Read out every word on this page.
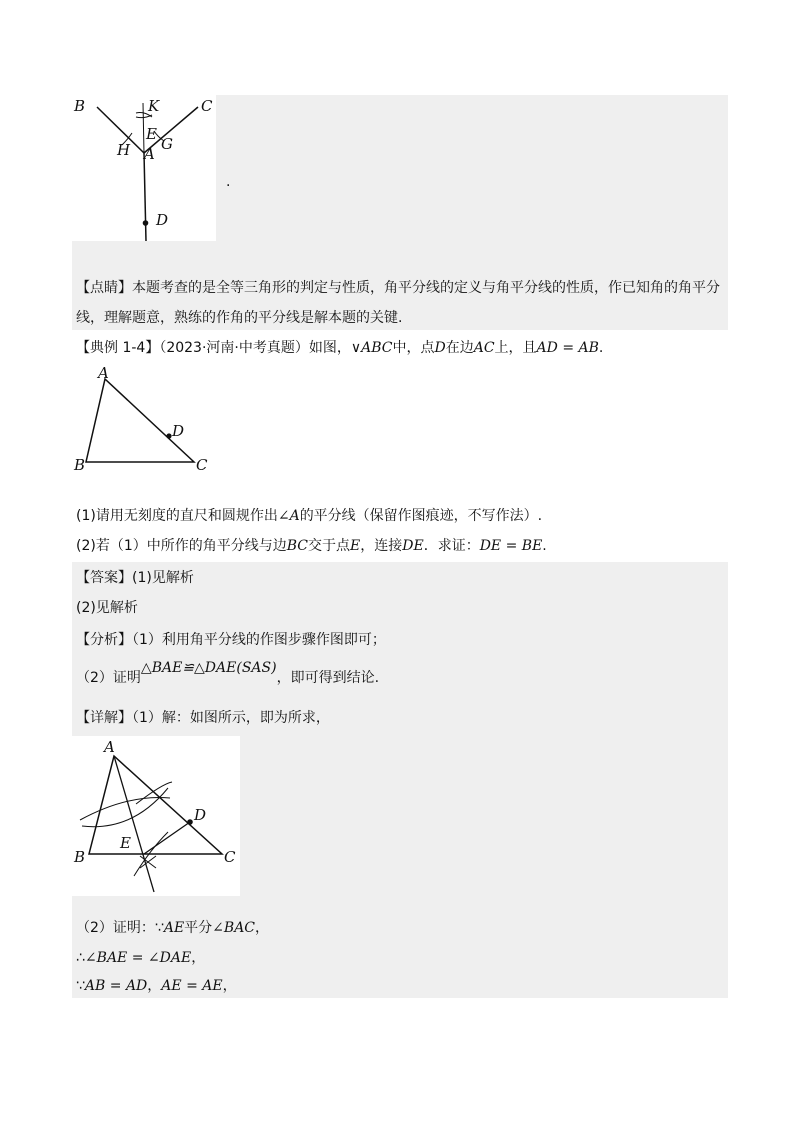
B	K	C
E
H G
A
D
.
【点睛】本题考查的是全等三角形的判定与性质，角平分线的定义与角平分线的性质，作已知角的角平分
线，理解题意，熟练的作角的平分线是解本题的关键.
【典例 1-4】（2023·河南·中考真题）如图，∨ABC中，点D在边AC上，且AD = AB.
A
D
B	C
(1)请用无刻度的直尺和圆规作出∠A的平分线（保留作图痕迹，不写作法）.
(2)若（1）中所作的角平分线与边BC交于点E，连接DE．求证：DE = BE.
【答案】(1)见解析
(2)见解析
【分析】（1）利用角平分线的作图步骤作图即可；
（2）证明△BAE≌△DAE(SAS)，即可得到结论.
【详解】（1）解：如图所示，即为所求，
A
D
E
B	C
（2）证明：∵AE平分∠BAC，
∴∠BAE = ∠DAE，
∵AB = AD，AE = AE，
